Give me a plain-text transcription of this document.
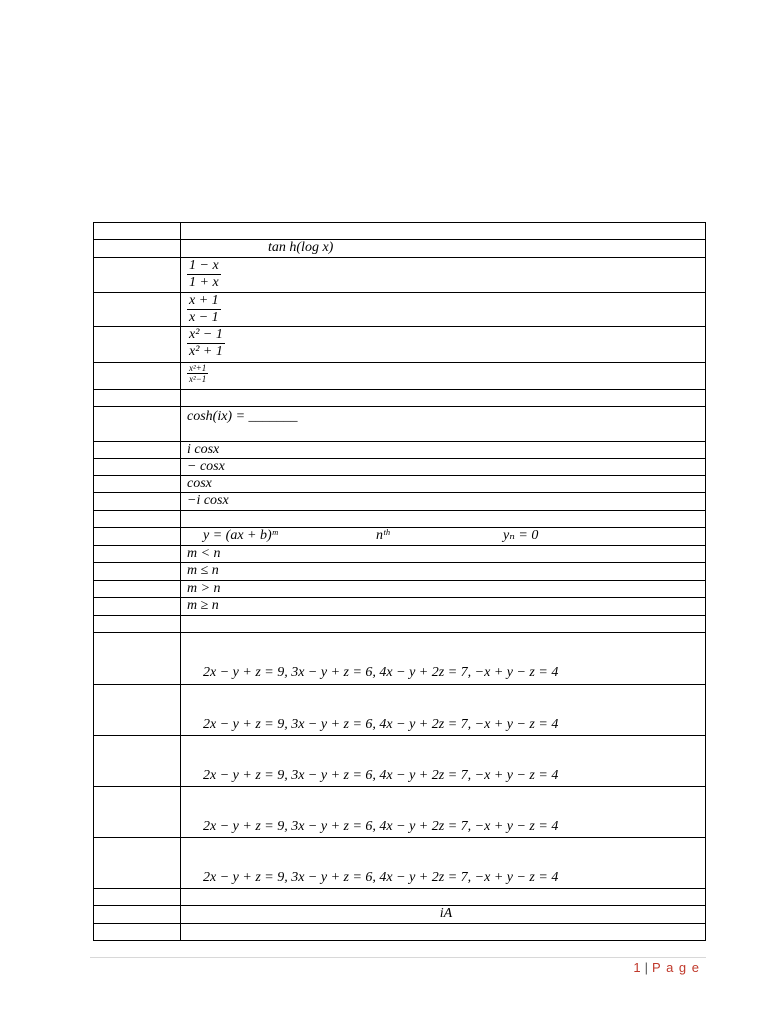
	tan h(log x)

	$\frac{1 - x}{1 + x}$

	$\frac{x + 1}{x - 1}$

	$\frac{\text{x² − 1}}{\text{x² + 1}}$

	$\frac{\text{x²+1}}{\text{x²−1}}$

	cosh(ix) = _______
	i cosx
	− cosx
	cosx
	−i cosx

	y = (ax + b)ᵐ nᵗʰ yₙ = 0
	m < n
	m ≤ n
	m > n
	m ≥ n

	2x − y + z = 9, 3x − y + z = 6, 4x − y + 2z = 7, −x + y − z = 4
	2x − y + z = 9, 3x − y + z = 6, 4x − y + 2z = 7, −x + y − z = 4
	2x − y + z = 9, 3x − y + z = 6, 4x − y + 2z = 7, −x + y − z = 4
	2x − y + z = 9, 3x − y + z = 6, 4x − y + 2z = 7, −x + y − z = 4
	2x − y + z = 9, 3x − y + z = 6, 4x − y + 2z = 7, −x + y − z = 4

	iA

1 | P a g e
